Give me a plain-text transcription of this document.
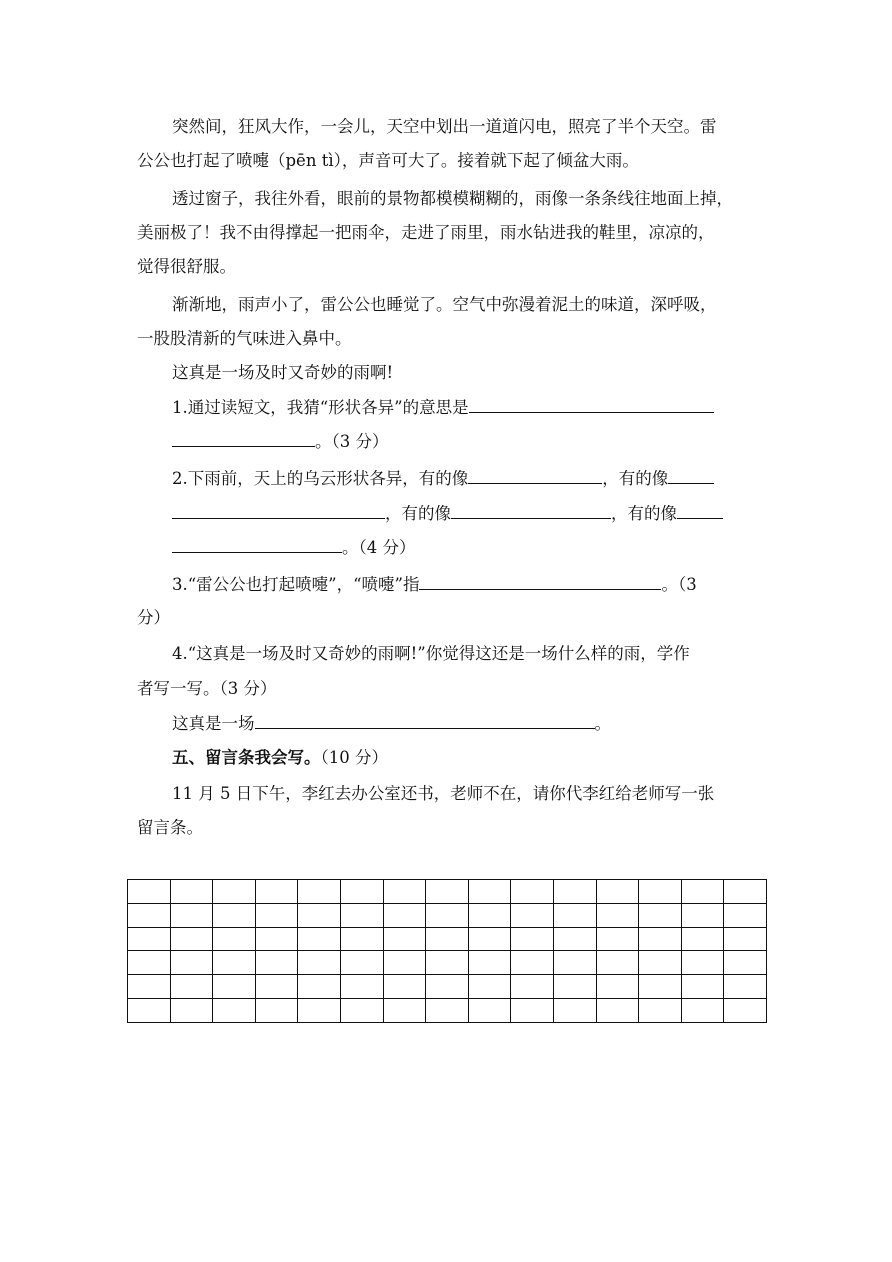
突然间，狂风大作，一会儿，天空中划出一道道闪电，照亮了半个天空。雷
公公也打起了喷嚏（pēn tì），声音可大了。接着就下起了倾盆大雨。
透过窗子，我往外看，眼前的景物都模模糊糊的，雨像一条条线往地面上掉，
美丽极了！我不由得撑起一把雨伞，走进了雨里，雨水钻进我的鞋里，凉凉的，
觉得很舒服。
渐渐地，雨声小了，雷公公也睡觉了。空气中弥漫着泥土的味道，深呼吸，
一股股清新的气味进入鼻中。
这真是一场及时又奇妙的雨啊!
1.通过读短文，我猜“形状各异”的意思是
。（3 分）
2.下雨前，天上的乌云形状各异，有的像	，有的像
，有的像	，有的像
。（4 分）
3.“雷公公也打起喷嚏”，“喷嚏”指	。（3
分）
4.“这真是一场及时又奇妙的雨啊!”你觉得这还是一场什么样的雨，学作
者写一写。（3 分）
这真是一场	。
五、留言条我会写。（10 分）
11 月 5 日下午，李红去办公室还书，老师不在，请你代李红给老师写一张
留言条。
